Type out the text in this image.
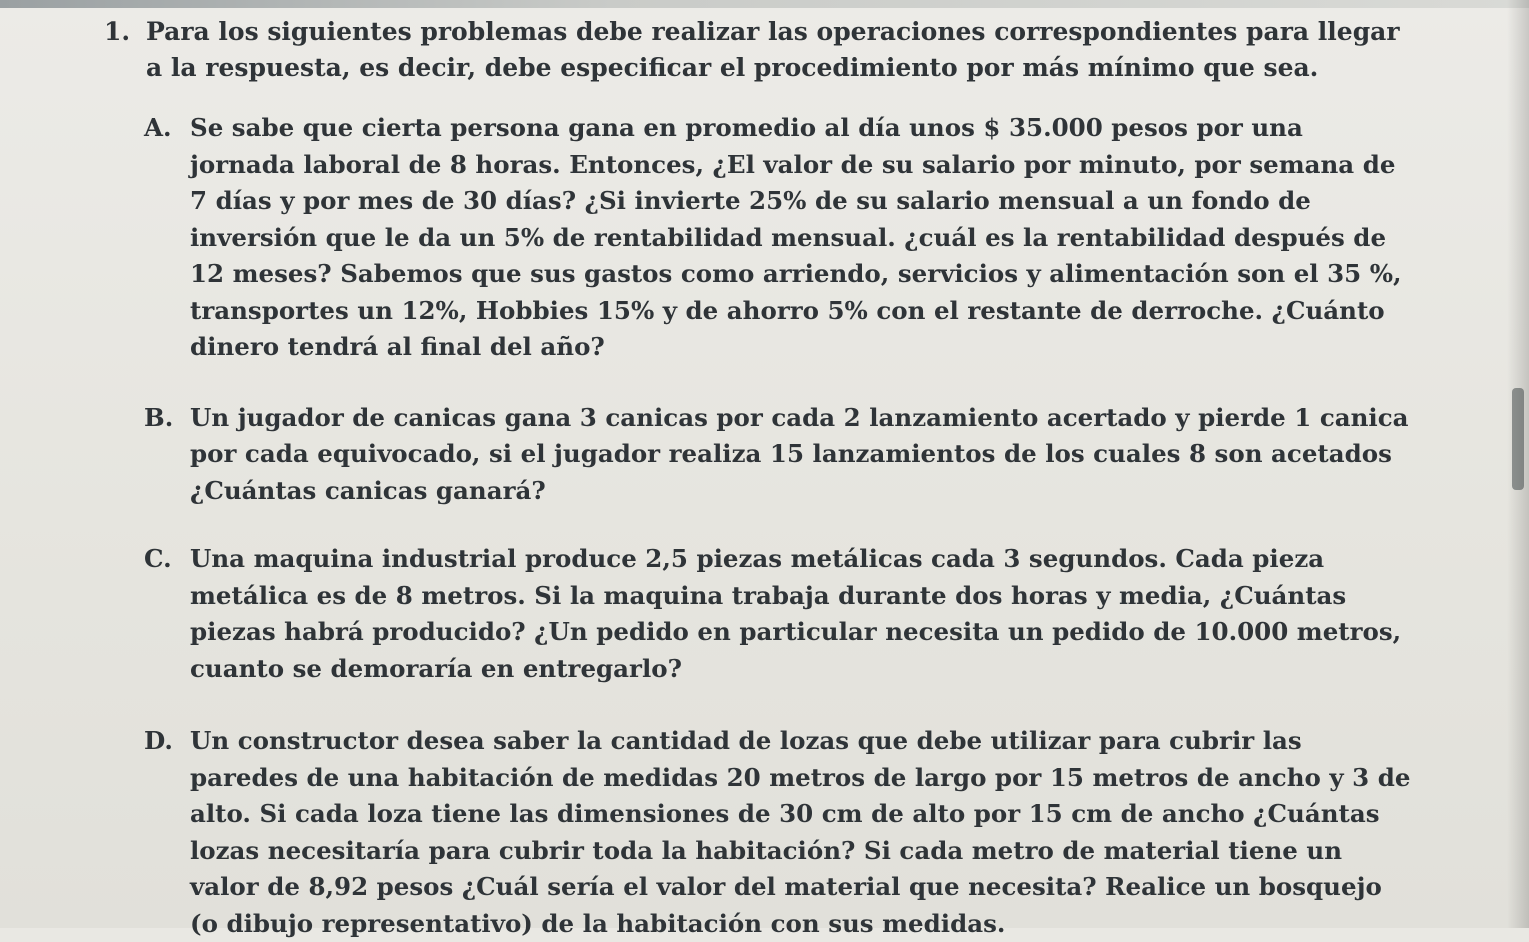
1. Para los siguientes problemas debe realizar las operaciones correspondientes para llegar a la respuesta, es decir, debe especificar el procedimiento por más mínimo que sea.
A. Se sabe que cierta persona gana en promedio al día unos $ 35.000 pesos por una jornada laboral de 8 horas. Entonces, ¿El valor de su salario por minuto, por semana de 7 días y por mes de 30 días? ¿Si invierte 25% de su salario mensual a un fondo de inversión que le da un 5% de rentabilidad mensual. ¿cuál es la rentabilidad después de 12 meses? Sabemos que sus gastos como arriendo, servicios y alimentación son el 35 %, transportes un 12%, Hobbies 15% y de ahorro 5% con el restante de derroche. ¿Cuánto dinero tendrá al final del año?
B. Un jugador de canicas gana 3 canicas por cada 2 lanzamiento acertado y pierde 1 canica por cada equivocado, si el jugador realiza 15 lanzamientos de los cuales 8 son acetados ¿Cuántas canicas ganará?
C. Una maquina industrial produce 2,5 piezas metálicas cada 3 segundos. Cada pieza metálica es de 8 metros. Si la maquina trabaja durante dos horas y media, ¿Cuántas piezas habrá producido? ¿Un pedido en particular necesita un pedido de 10.000 metros, cuanto se demoraría en entregarlo?
D. Un constructor desea saber la cantidad de lozas que debe utilizar para cubrir las paredes de una habitación de medidas 20 metros de largo por 15 metros de ancho y 3 de alto. Si cada loza tiene las dimensiones de 30 cm de alto por 15 cm de ancho ¿Cuántas lozas necesitaría para cubrir toda la habitación? Si cada metro de material tiene un valor de 8,92 pesos ¿Cuál sería el valor del material que necesita? Realice un bosquejo (o dibujo representativo) de la habitación con sus medidas.
